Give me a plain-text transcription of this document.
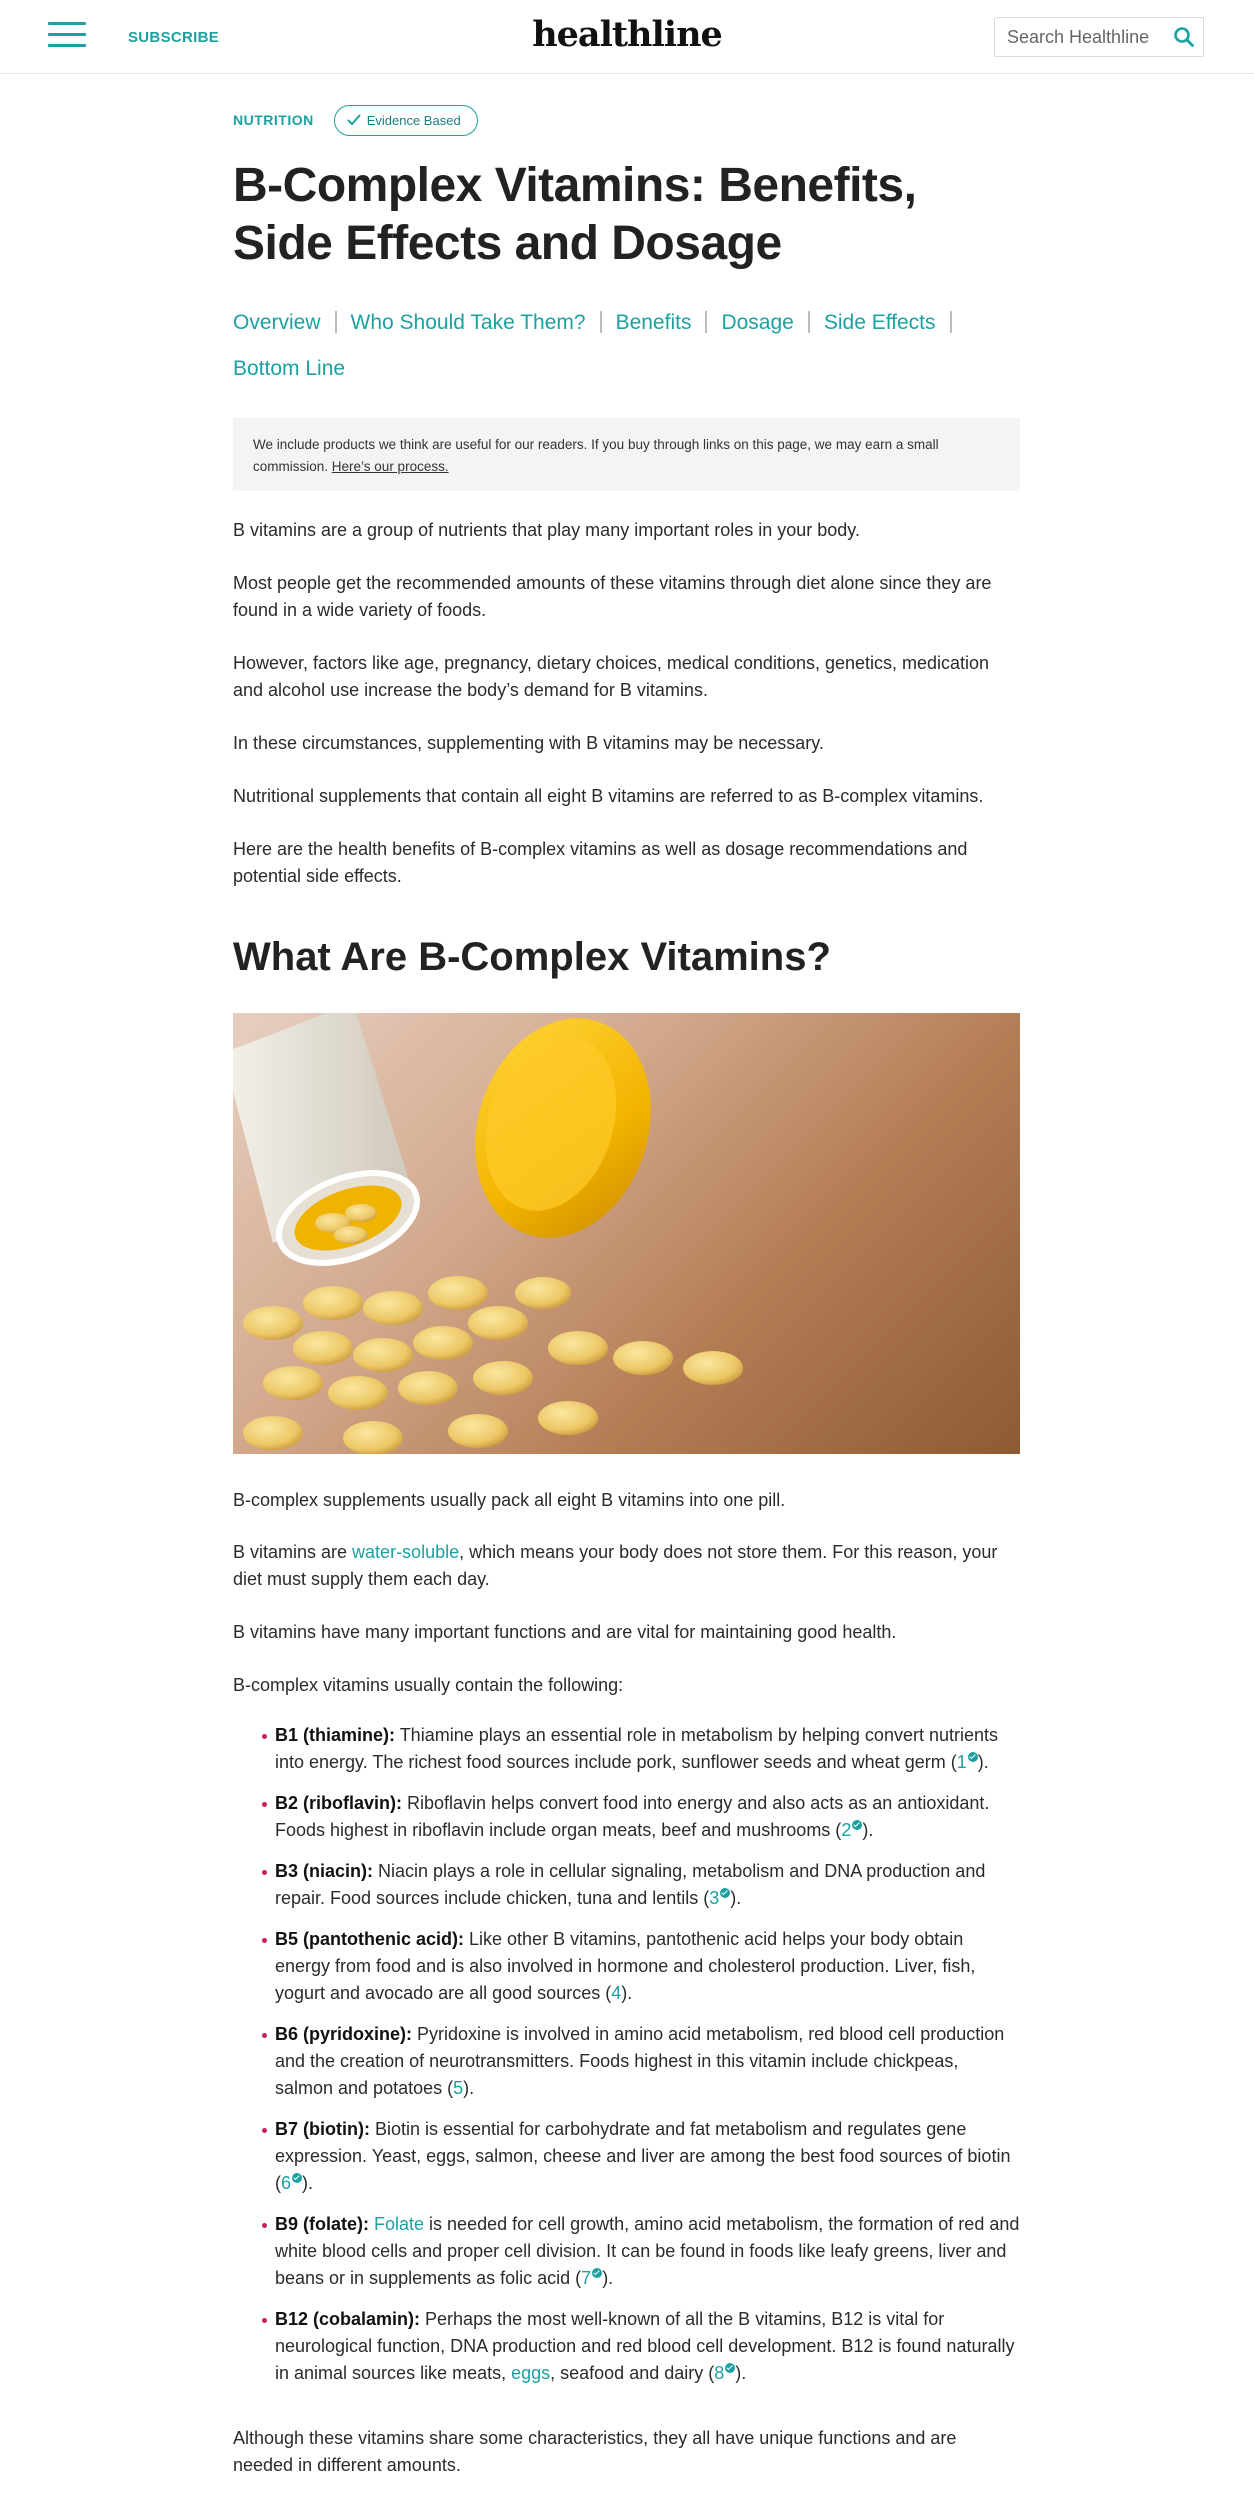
SUBSCRIBE	healthline
Search Healthline
NUTRITION	Evidence Based
B-Complex Vitamins: Benefits, Side Effects and Dosage
Overview Who Should Take Them? Benefits Dosage Side Effects
Bottom Line
We include products we think are useful for our readers. If you buy through links on this page, we may earn a small commission. Here’s our process.

B vitamins are a group of nutrients that play many important roles in your body.

Most people get the recommended amounts of these vitamins through diet alone since they are found in a wide variety of foods.

However, factors like age, pregnancy, dietary choices, medical conditions, genetics, medication and alcohol use increase the body’s demand for B vitamins.

In these circumstances, supplementing with B vitamins may be necessary.

Nutritional supplements that contain all eight B vitamins are referred to as B-complex vitamins.

Here are the health benefits of B-complex vitamins as well as dosage recommendations and potential side effects.

What Are B-Complex Vitamins?

B-complex supplements usually pack all eight B vitamins into one pill.

B vitamins are water-soluble, which means your body does not store them. For this reason, your diet must supply them each day.

B vitamins have many important functions and are vital for maintaining good health.

B-complex vitamins usually contain the following:

B1 (thiamine): Thiamine plays an essential role in metabolism by helping convert nutrients into energy. The richest food sources include pork, sunflower seeds and wheat germ (1 ).
B2 (riboflavin): Riboflavin helps convert food into energy and also acts as an antioxidant. Foods highest in riboflavin include organ meats, beef and mushrooms (2 ).
B3 (niacin): Niacin plays a role in cellular signaling, metabolism and DNA production and repair. Food sources include chicken, tuna and lentils (3 ).
B5 (pantothenic acid): Like other B vitamins, pantothenic acid helps your body obtain energy from food and is also involved in hormone and cholesterol production. Liver, fish, yogurt and avocado are all good sources (4).
B6 (pyridoxine): Pyridoxine is involved in amino acid metabolism, red blood cell production and the creation of neurotransmitters. Foods highest in this vitamin include chickpeas, salmon and potatoes (5).
B7 (biotin): Biotin is essential for carbohydrate and fat metabolism and regulates gene expression. Yeast, eggs, salmon, cheese and liver are among the best food sources of biotin (6 ).
B9 (folate): Folate is needed for cell growth, amino acid metabolism, the formation of red and white blood cells and proper cell division. It can be found in foods like leafy greens, liver and beans or in supplements as folic acid (7 ).
B12 (cobalamin): Perhaps the most well-known of all the B vitamins, B12 is vital for neurological function, DNA production and red blood cell development. B12 is found naturally in animal sources like meats, eggs, seafood and dairy (8 ).

Although these vitamins share some characteristics, they all have unique functions and are needed in different amounts.
